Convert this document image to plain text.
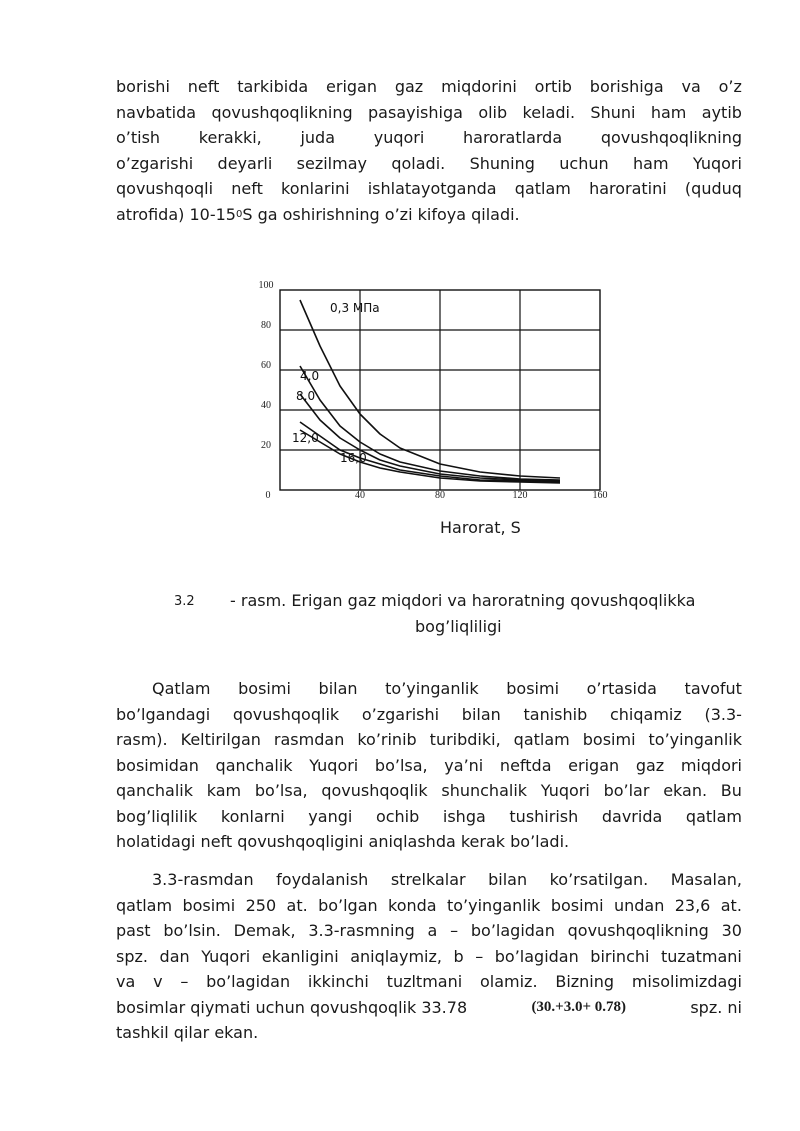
borishi neft tarkibida erigan gaz miqdorini ortib borishiga va o’z
navbatida qovushqoqlikning pasayishiga olib keladi. Shuni ham aytib
o’tish kerakki, juda yuqori haroratlarda qovushqoqlikning
o’zgarishi deyarli sezilmay qoladi. Shuning uchun ham Yuqori
qovushqoqli neft konlarini ishlatayotganda qatlam haroratini (quduq
atrofida) 10-15 0 S ga oshirishning o’zi kifoya qiladi.
0	40	80	120	160
20
40
60
80
100
0,3 МПа
4,0
8,0
12,0
16,0
Harorat, S
3.2 - rasm. Erigan gaz miqdori va haroratning qovushqoqlikka
bog’liqliligi
Qatlam bosimi bilan to’yinganlik bosimi o’rtasida tavofut
bo’lgandagi qovushqoqlik o’zgarishi bilan tanishib chiqamiz (3.3-
rasm). Keltirilgan rasmdan ko’rinib turibdiki, qatlam bosimi to’yinganlik
bosimidan qanchalik Yuqori bo’lsa, ya’ni neftda erigan gaz miqdori
qanchalik kam bo’lsa, qovushqoqlik shunchalik Yuqori bo’lar ekan. Bu
bog’liqlilik konlarni yangi ochib ishga tushirish davrida qatlam
holatidagi neft qovushqoqligini aniqlashda kerak bo’ladi.
3.3-rasmdan foydalanish strelkalar bilan ko’rsatilgan. Masalan,
qatlam bosimi 250 at. bo’lgan konda to’yinganlik bosimi undan 23,6 at.
past bo’lsin. Demak, 3.3-rasmning a – bo’lagidan qovushqoqlikning 30
spz. dan Yuqori ekanligini aniqlaymiz, b – bo’lagidan birinchi tuzatmani
va v – bo’lagidan ikkinchi tuzltmani olamiz. Bizning misolimizdagi
bosimlar qiymati uchun qovushqoqlik 33.78	(30.+3.0+ 0.78)	spz. ni
tashkil qilar ekan.
